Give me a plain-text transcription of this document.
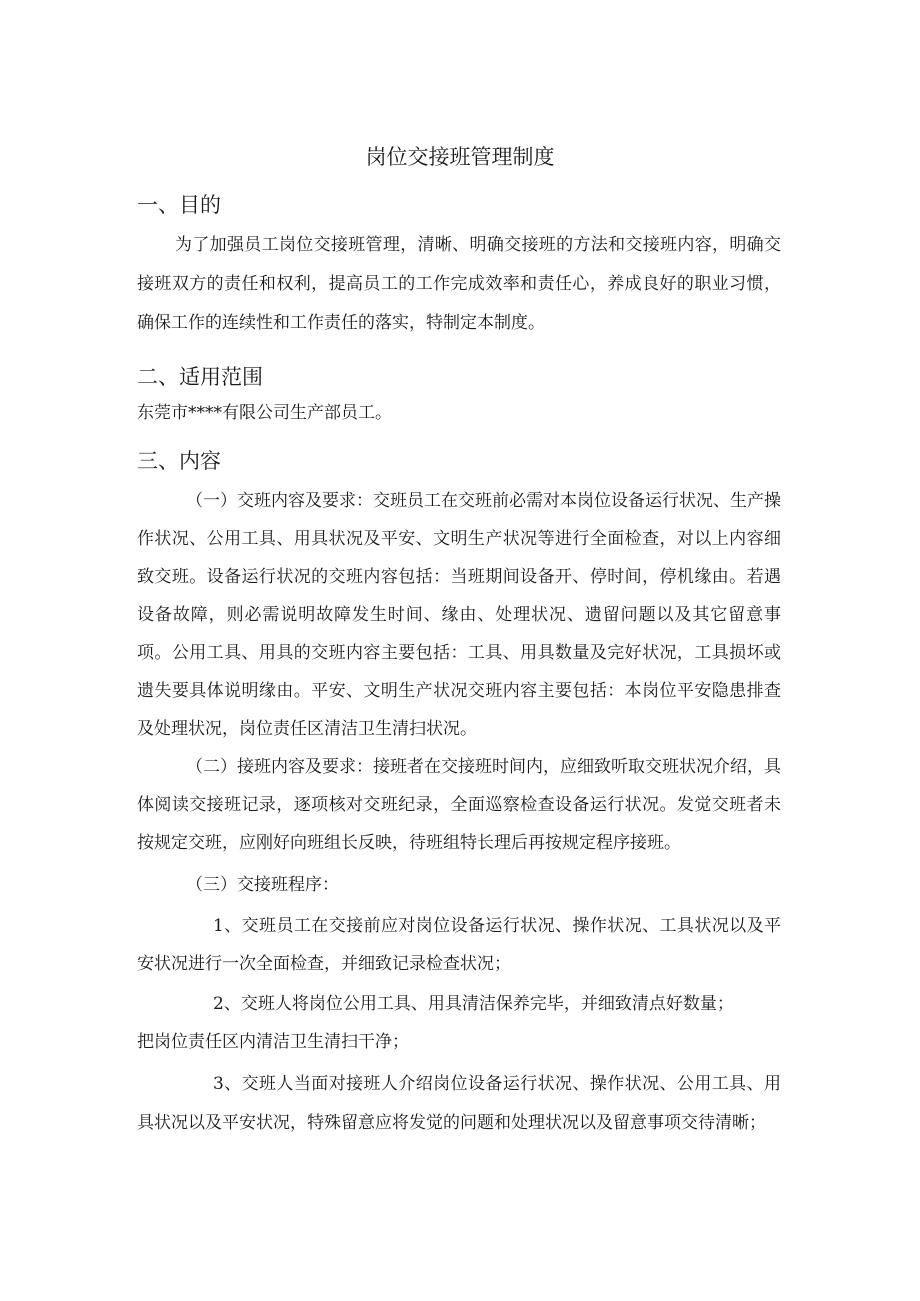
岗位交接班管理制度
一、目的
为了加强员工岗位交接班管理，清晰、明确交接班的方法和交接班内容，明确交
接班双方的责任和权利，提高员工的工作完成效率和责任心，养成良好的职业习惯，
确保工作的连续性和工作责任的落实，特制定本制度。
二、适用范围
东莞市****有限公司生产部员工。
三、内容
（一）交班内容及要求：交班员工在交班前必需对本岗位设备运行状况、生产操
作状况、公用工具、用具状况及平安、文明生产状况等进行全面检查，对以上内容细
致交班。设备运行状况的交班内容包括：当班期间设备开、停时间，停机缘由。若遇
设备故障，则必需说明故障发生时间、缘由、处理状况、遗留问题以及其它留意事
项。公用工具、用具的交班内容主要包括：工具、用具数量及完好状况，工具损坏或
遗失要具体说明缘由。平安、文明生产状况交班内容主要包括：本岗位平安隐患排查
及处理状况，岗位责任区清洁卫生清扫状况。
（二）接班内容及要求：接班者在交接班时间内，应细致听取交班状况介绍，具
体阅读交接班记录，逐项核对交班纪录，全面巡察检查设备运行状况。发觉交班者未
按规定交班，应刚好向班组长反映，待班组特长理后再按规定程序接班。
（三）交接班程序：
1、交班员工在交接前应对岗位设备运行状况、操作状况、工具状况以及平
安状况进行一次全面检查，并细致记录检查状况；
2、交班人将岗位公用工具、用具清洁保养完毕，并细致清点好数量；
把岗位责任区内清洁卫生清扫干净；
3、交班人当面对接班人介绍岗位设备运行状况、操作状况、公用工具、用
具状况以及平安状况，特殊留意应将发觉的问题和处理状况以及留意事项交待清晰；
